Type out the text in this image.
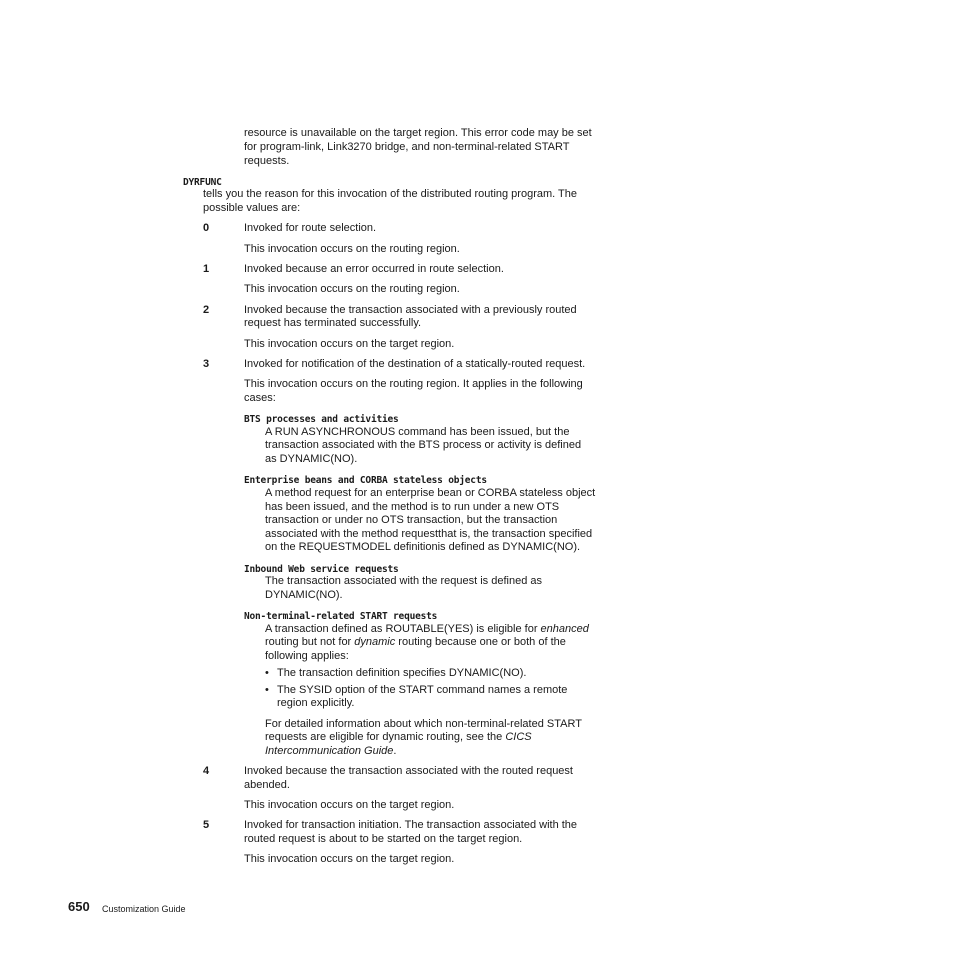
resource is unavailable on the target region. This error code may be set
for program-link, Link3270 bridge, and non-terminal-related START
requests.
DYRFUNC
tells you the reason for this invocation of the distributed routing program. The
possible values are:
0	Invoked for route selection.
This invocation occurs on the routing region.
1	Invoked because an error occurred in route selection.
This invocation occurs on the routing region.
2	Invoked because the transaction associated with a previously routed
request has terminated successfully.
This invocation occurs on the target region.
3	Invoked for notification of the destination of a statically-routed request.
This invocation occurs on the routing region. It applies in the following
cases:
BTS processes and activities
A RUN ASYNCHRONOUS command has been issued, but the
transaction associated with the BTS process or activity is defined
as DYNAMIC(NO).
Enterprise beans and CORBA stateless objects
A method request for an enterprise bean or CORBA stateless object
has been issued, and the method is to run under a new OTS
transaction or under no OTS transaction, but the transaction
associated with the method requestthat is, the transaction specified
on the REQUESTMODEL definitionis defined as DYNAMIC(NO).
Inbound Web service requests
The transaction associated with the request is defined as
DYNAMIC(NO).
Non-terminal-related START requests
A transaction defined as ROUTABLE(YES) is eligible for enhanced
routing but not for dynamic routing because one or both of the
following applies:
• The transaction definition specifies DYNAMIC(NO).
• The SYSID option of the START command names a remote
region explicitly.
For detailed information about which non-terminal-related START
requests are eligible for dynamic routing, see the CICS
Intercommunication Guide.
4	Invoked because the transaction associated with the routed request
abended.
This invocation occurs on the target region.
5	Invoked for transaction initiation. The transaction associated with the
routed request is about to be started on the target region.
This invocation occurs on the target region.
650 Customization Guide
